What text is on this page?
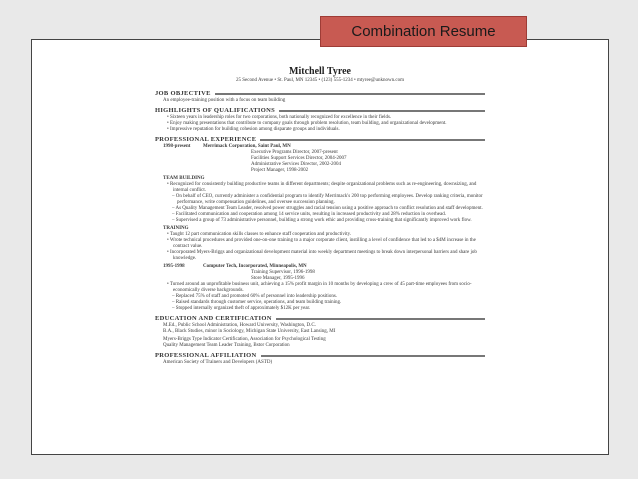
Combination Resume
Mitchell Tyree
25 Second Avenue • St. Paul, MN 12345 • (123) 555-1234 • mtyree@unknown.com
JOB OBJECTIVE
An employee-training position with a focus on team building
HIGHLIGHTS OF QUALIFICATIONS
• Sixteen years in leadership roles for two corporations, both nationally recognized for excellence in their fields.
• Enjoy making presentations that contribute to company goals through problem resolution, team building, and organizational development.
• Impressive reputation for building cohesion among disparate groups and individuals.
PROFESSIONAL EXPERIENCE
1998-present	Merrimack Corporation, Saint Paul, MN
Executive Programs Director, 2007-present
Facilities Support Services Director, 2004-2007
Administrative Services Director, 2002-2004
Project Manager, 1998-2002
TEAM BUILDING
• Recognized for consistently building productive teams in different departments; despite organizational problems such as re-engineering, downsizing, and internal conflict.
– On behalf of CEO, currently administer a confidential program to identify Merrimack's 200 top performing employees. Develop ranking criteria, monitor performance, write compensation guidelines, and oversee succession planning.
– As Quality Management Team Leader, resolved power struggles and racial tension using a positive approach to conflict resolution and staff development.
– Facilitated communication and cooperation among 14 service units, resulting in increased productivity and 28% reduction in overhead.
– Supervised a group of 73 administrative personnel, building a strong work ethic and providing cross-training that significantly improved work flow.
TRAINING
• Taught 12 part communication skills classes to enhance staff cooperation and productivity.
• Wrote technical procedures and provided one-on-one training to a major corporate client, instilling a level of confidence that led to a $4M increase in the contract value.
• Incorporated Myers-Briggs and organizational development material into weekly department meetings to break down interpersonal barriers and share job knowledge.
1995-1998	Computer Tech, Incorporated, Minneapolis, MN
Training Supervisor, 1996-1998
Store Manager, 1995-1996
• Turned around an unprofitable business unit, achieving a 15% profit margin in 10 months by developing a crew of 45 part-time employees from socio-economically diverse backgrounds.
– Replaced 75% of staff and promoted 60% of personnel into leadership positions.
– Raised standards through customer service, operations, and team building training.
– Stopped internally organized theft of approximately $12K per year.
EDUCATION AND CERTIFICATION
M.Ed., Public School Administration, Howard University, Washington, D.C.
B.A., Black Studies, minor in Sociology, Michigan State University, East Lansing, MI
Myers-Briggs Type Indicator Certification, Association for Psychological Testing
Quality Management Team Leader Training, Bstor Corporation
PROFESSIONAL AFFILIATION
American Society of Trainers and Developers (ASTD)
